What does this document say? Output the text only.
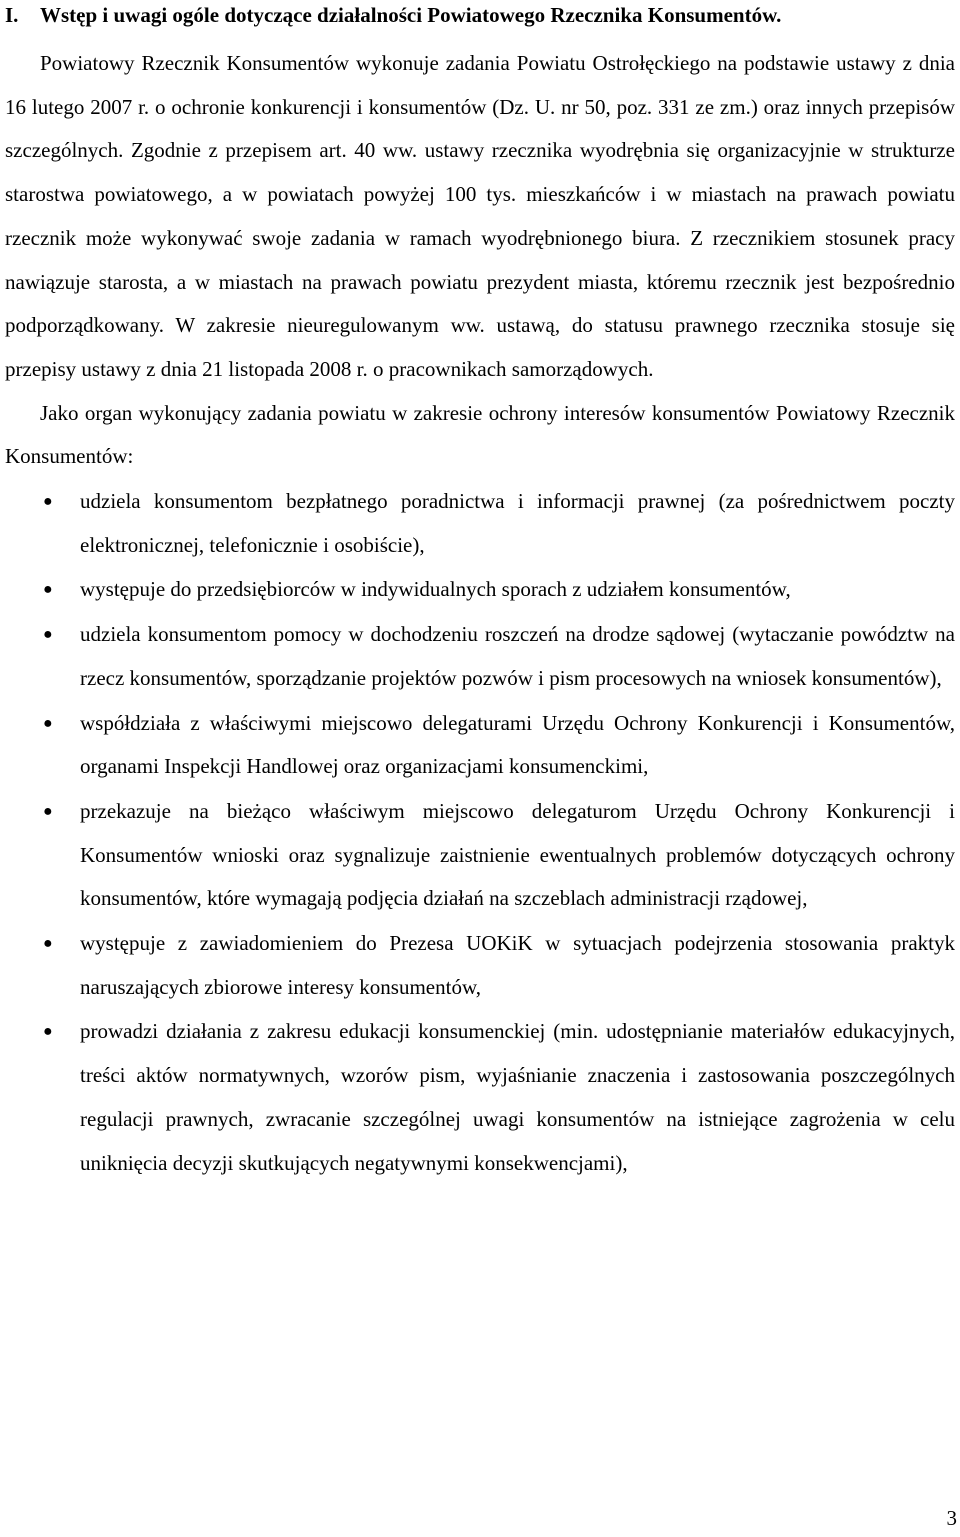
I. Wstęp i uwagi ogóle dotyczące działalności Powiatowego Rzecznika Konsumentów.

Powiatowy Rzecznik Konsumentów wykonuje zadania Powiatu Ostrołęckiego na podstawie ustawy z dnia 16 lutego 2007 r. o ochronie konkurencji i konsumentów (Dz. U. nr 50, poz. 331 ze zm.) oraz innych przepisów szczególnych. Zgodnie z przepisem art. 40 ww. ustawy rzecznika wyodrębnia się organizacyjnie w strukturze starostwa powiatowego, a w powiatach powyżej 100 tys. mieszkańców i w miastach na prawach powiatu rzecznik może wykonywać swoje zadania w ramach wyodrębnionego biura. Z rzecznikiem stosunek pracy nawiązuje starosta, a w miastach na prawach powiatu prezydent miasta, któremu rzecznik jest bezpośrednio podporządkowany. W zakresie nieuregulowanym ww. ustawą, do statusu prawnego rzecznika stosuje się przepisy ustawy z dnia 21 listopada 2008 r. o pracownikach samorządowych.

Jako organ wykonujący zadania powiatu w zakresie ochrony interesów konsumentów Powiatowy Rzecznik Konsumentów:

● udziela konsumentom bezpłatnego poradnictwa i informacji prawnej (za pośrednictwem poczty elektronicznej, telefonicznie i osobiście),
● występuje do przedsiębiorców w indywidualnych sporach z udziałem konsumentów,
● udziela konsumentom pomocy w dochodzeniu roszczeń na drodze sądowej (wytaczanie powództw na rzecz konsumentów, sporządzanie projektów pozwów i pism procesowych na wniosek konsumentów),
● współdziała z właściwymi miejscowo delegaturami Urzędu Ochrony Konkurencji i Konsumentów, organami Inspekcji Handlowej oraz organizacjami konsumenckimi,
● przekazuje na bieżąco właściwym miejscowo delegaturom Urzędu Ochrony Konkurencji i Konsumentów wnioski oraz sygnalizuje zaistnienie ewentualnych problemów dotyczących ochrony konsumentów, które wymagają podjęcia działań na szczeblach administracji rządowej,
● występuje z zawiadomieniem do Prezesa UOKiK w sytuacjach podejrzenia stosowania praktyk naruszających zbiorowe interesy konsumentów,
● prowadzi działania z zakresu edukacji konsumenckiej (min. udostępnianie materiałów edukacyjnych, treści aktów normatywnych, wzorów pism, wyjaśnianie znaczenia i zastosowania poszczególnych regulacji prawnych, zwracanie szczególnej uwagi konsumentów na istniejące zagrożenia w celu uniknięcia decyzji skutkujących negatywnymi konsekwencjami),
3
